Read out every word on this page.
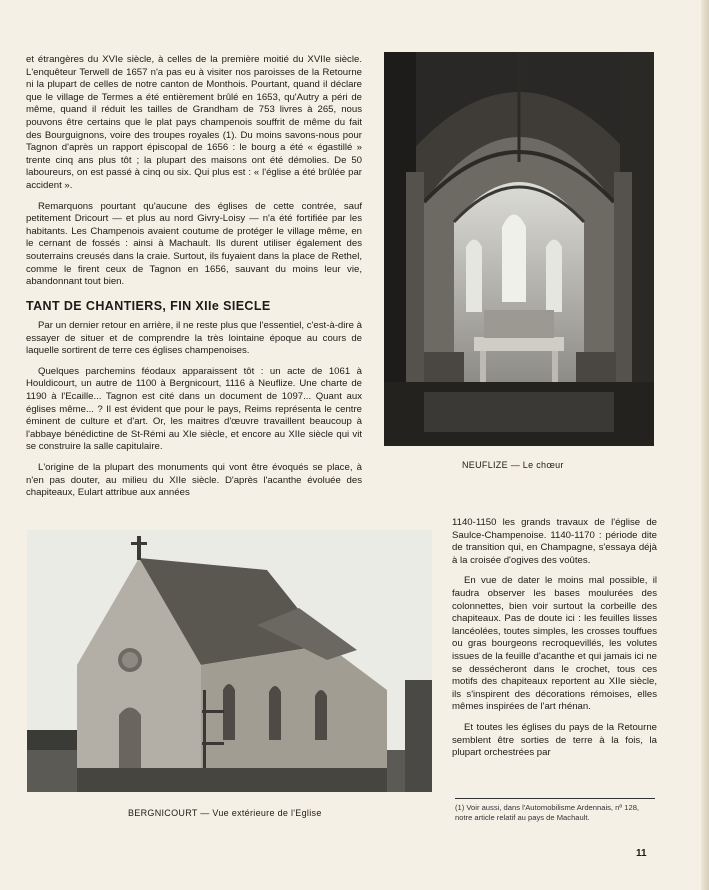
et étrangères du XVIe siècle, à celles de la première moitié du XVIIe siècle. L'enquêteur Terwell de 1657 n'a pas eu à visiter nos paroisses de la Retourne ni la plupart de celles de notre canton de Monthois. Pourtant, quand il déclare que le village de Termes a été entièrement brûlé en 1653, qu'Autry a péri de même, quand il réduit les tailles de Grandham de 753 livres à 265, nous pouvons être certains que le plat pays champenois souffrit de même du fait des Bourguignons, voire des troupes royales (1). Du moins savons-nous pour Tagnon d'après un rapport épiscopal de 1656 : le bourg a été « égastillé » trente cinq ans plus tôt ; la plupart des maisons ont été démolies. De 50 laboureurs, on est passé à cinq ou six. Qui plus est : « l'église a été brûlée par accident ».

Remarquons pourtant qu'aucune des églises de cette contrée, sauf petitement Dricourt — et plus au nord Givry-Loisy — n'a été fortifiée par les habitants. Les Champenois avaient coutume de protéger le village même, en le cernant de fossés : ainsi à Machault. Ils durent utiliser également des souterrains creusés dans la craie. Surtout, ils fuyaient dans la place de Rethel, comme le firent ceux de Tagnon en 1656, sauvant du moins leur vie, abandonnant tout bien.

TANT DE CHANTIERS, FIN XIIe SIECLE

Par un dernier retour en arrière, il ne reste plus que l'essentiel, c'est-à-dire à essayer de situer et de comprendre la très lointaine époque au cours de laquelle sortirent de terre ces églises champenoises.

Quelques parchemins féodaux apparaissent tôt : un acte de 1061 à Houldicourt, un autre de 1100 à Bergnicourt, 1116 à Neuflize. Une charte de 1190 à l'Ecaille... Tagnon est cité dans un document de 1097... Quant aux églises même... ? Il est évident que pour le pays, Reims représenta le centre éminent de culture et d'art. Or, les maitres d'œuvre travaillent beaucoup à l'abbaye bénédictine de St-Rémi au XIe siècle, et encore au XIIe siècle qui vit se construire la salle capitulaire.

L'origine de la plupart des monuments qui vont être évoqués se place, à n'en pas douter, au milieu du XIIe siècle. D'après l'acanthe évoluée des chapiteaux, Eulart attribue aux années

NEUFLIZE — Le chœur

1140-1150 les grands travaux de l'église de Saulce-Champenoise. 1140-1170 : période dite de transition qui, en Champagne, s'essaya déjà à la croisée d'ogives des voûtes.

En vue de dater le moins mal possible, il faudra observer les bases moulurées des colonnettes, bien voir surtout la corbeille des chapiteaux. Pas de doute ici : les feuilles lisses lancéolées, toutes simples, les crosses touffues ou gras bourgeons recroquevillés, les volutes issues de la feuille d'acanthe et qui jamais ici ne se dessécheront dans le crochet, tous ces motifs des chapiteaux reportent au XIIe siècle, ils s'inspirent des décorations rémoises, elles mêmes inspirées de l'art rhénan.

Et toutes les églises du pays de la Retourne semblent être sorties de terre à la fois, la plupart orchestrées par

BERGNICOURT — Vue extérieure de l'Eglise
(1) Voir aussi, dans l'Automobilisme Ardennais, nº 128, notre article relatif au pays de Machault.
11
